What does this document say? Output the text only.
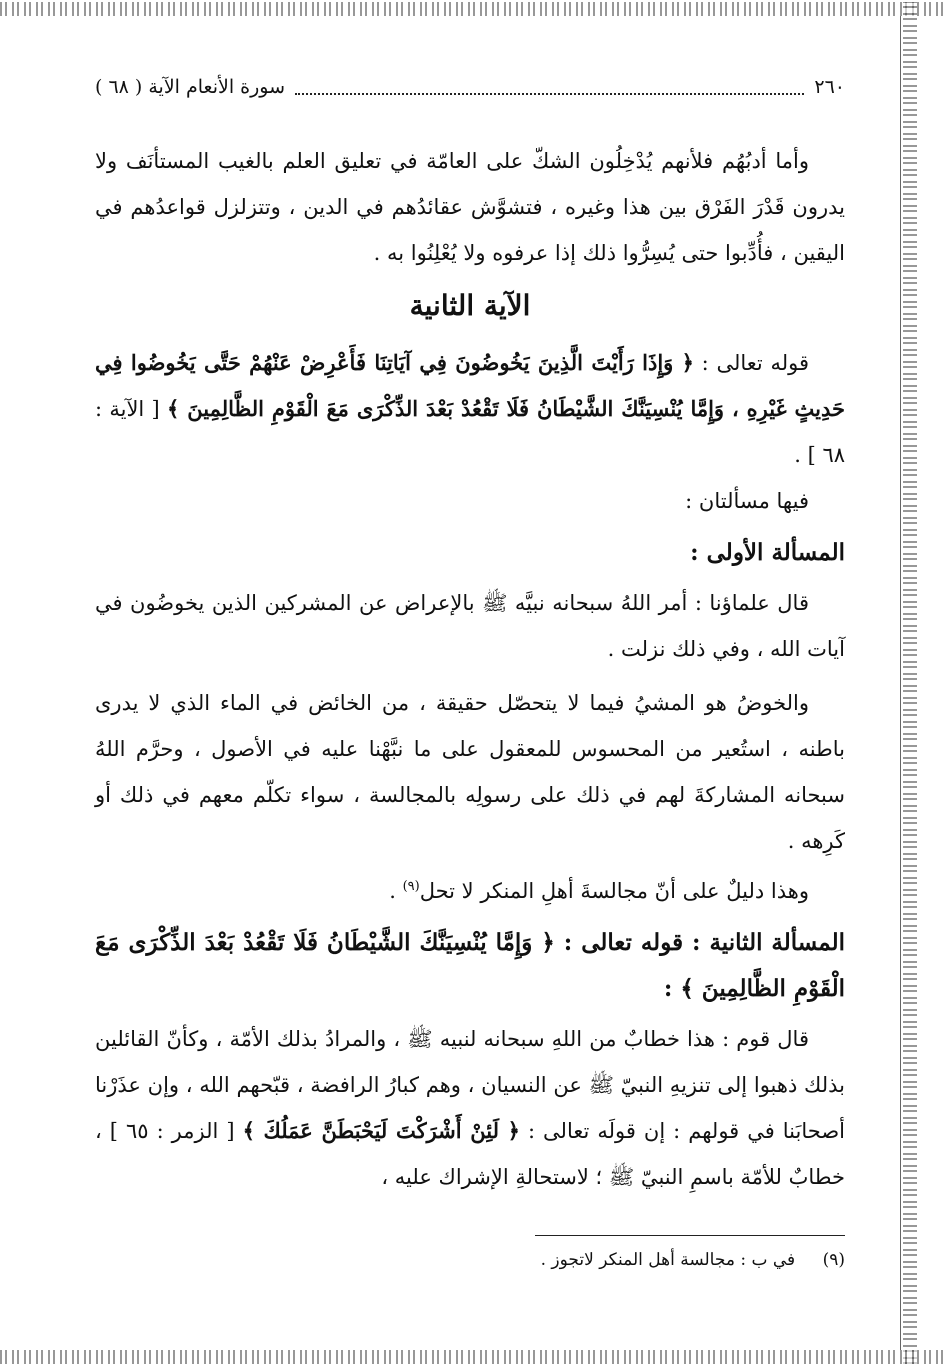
٢٦٠
سورة الأنعام الآية ( ٦٨ )

وأما أدبُهُم فلأنهم يُدْخِلُون الشكّ على العامّة في تعليق العلم بالغيب المستأنَف ولا يدرون قَدْرَ الفَرْق بين هذا وغيره ، فتشوَّش عقائدُهم في الدين ، وتتزلزل قواعدُهم في اليقين ، فأُدِّبوا حتى يُسِرُّوا ذلك إذا عرفوه ولا يُعْلِنُوا به .

الآية الثانية

قوله تعالى : ﴿ وَإِذَا رَأَيْتَ الَّذِينَ يَخُوضُونَ فِي آيَاتِنَا فَأَعْرِضْ عَنْهُمْ حَتَّى يَخُوضُوا فِي حَدِيثٍ غَيْرِهِ ، وَإِمَّا يُنْسِيَنَّكَ الشَّيْطَانُ فَلَا تَقْعُدْ بَعْدَ الذِّكْرَى مَعَ الْقَوْمِ الظَّالِمِينَ ﴾ [ الآية : ٦٨ ] .

فيها مسألتان :

المسألة الأولى :

قال علماؤنا : أمر اللهُ سبحانه نبيَّه ﷺ بالإعراض عن المشركين الذين يخوضُون في آيات الله ، وفي ذلك نزلت .

والخوضُ هو المشيُ فيما لا يتحصّل حقيقة ، من الخائض في الماء الذي لا يدرى باطنه ، استُعير من المحسوس للمعقول على ما نبَّهْنا عليه في الأصول ، وحرَّم اللهُ سبحانه المشاركةَ لهم في ذلك على رسولِه بالمجالسة ، سواء تكلّم معهم في ذلك أو كَرِهه .

وهذا دليلٌ على أنّ مجالسةَ أهلِ المنكر لا تحل$^{(٩)}$ .

المسألة الثانية : قوله تعالى : ﴿ وَإِمَّا يُنْسِيَنَّكَ الشَّيْطَانُ فَلَا تَقْعُدْ بَعْدَ الذِّكْرَى مَعَ الْقَوْمِ الظَّالِمِينَ ﴾ :

قال قوم : هذا خطابٌ من اللهِ سبحانه لنبيه ﷺ ، والمرادُ بذلك الأمّة ، وكأنّ القائلين بذلك ذهبوا إلى تنزيهِ النبيّ ﷺ عن النسيان ، وهم كبارُ الرافضة ، قبّحهم الله ، وإن عذَرْنا أصحابَنا في قولهم : إن قولَه تعالى : ﴿ لَئِنْ أَشْرَكْتَ لَيَحْبَطَنَّ عَمَلُكَ ﴾ [ الزمر : ٦٥ ] ، خطابٌ للأمّة باسمِ النبيّ ﷺ ؛ لاستحالةِ الإشراك عليه ،

(٩) في ب : مجالسة أهل المنكر لاتجوز .
